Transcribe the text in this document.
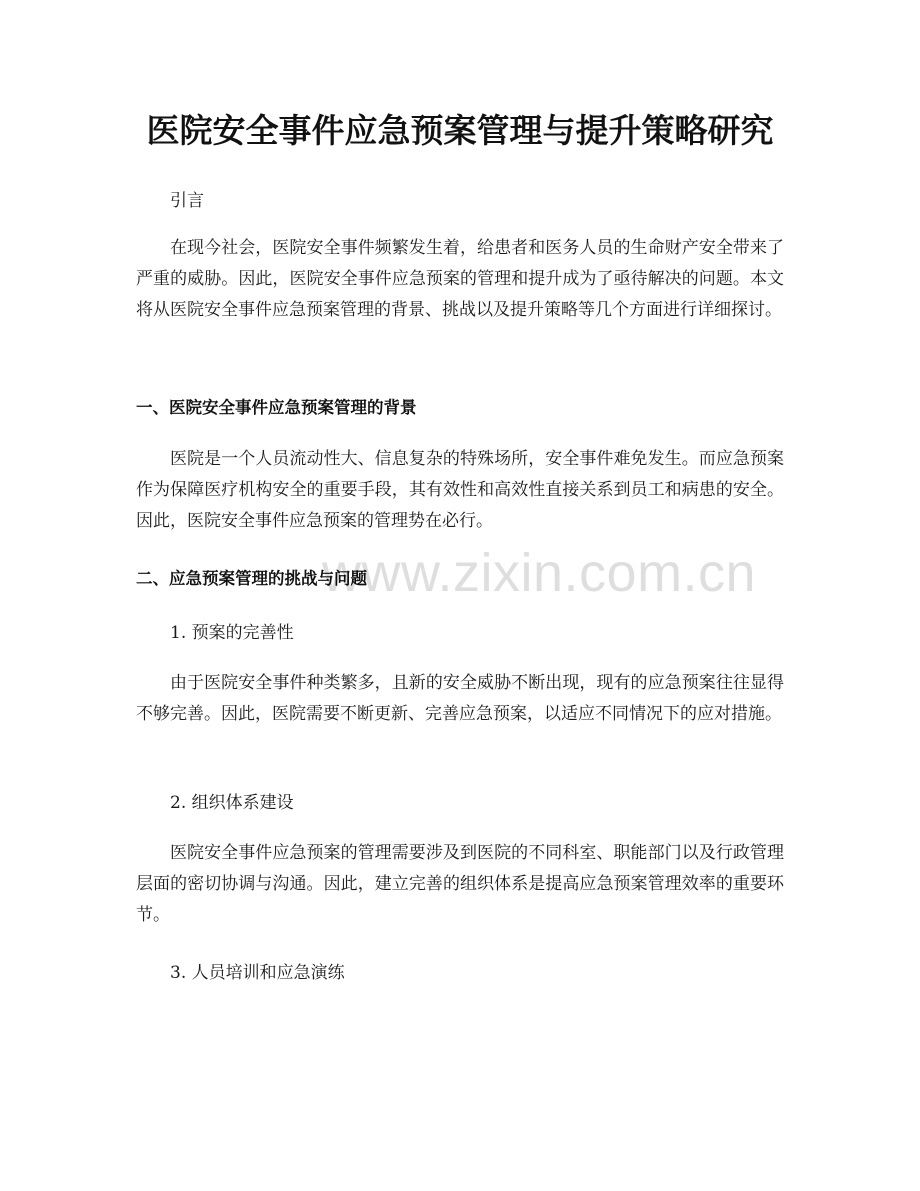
医院安全事件应急预案管理与提升策略研究

引言

在现今社会，医院安全事件频繁发生着，给患者和医务人员的生命财产安全带来了严重的威胁。因此，医院安全事件应急预案的管理和提升成为了亟待解决的问题。本文将从医院安全事件应急预案管理的背景、挑战以及提升策略等几个方面进行详细探讨。

一、医院安全事件应急预案管理的背景

医院是一个人员流动性大、信息复杂的特殊场所，安全事件难免发生。而应急预案作为保障医疗机构安全的重要手段，其有效性和高效性直接关系到员工和病患的安全。因此，医院安全事件应急预案的管理势在必行。

二、应急预案管理的挑战与问题

1. 预案的完善性

由于医院安全事件种类繁多，且新的安全威胁不断出现，现有的应急预案往往显得不够完善。因此，医院需要不断更新、完善应急预案，以适应不同情况下的应对措施。

2. 组织体系建设

医院安全事件应急预案的管理需要涉及到医院的不同科室、职能部门以及行政管理层面的密切协调与沟通。因此，建立完善的组织体系是提高应急预案管理效率的重要环节。

3. 人员培训和应急演练

www.zixin.com.cn
